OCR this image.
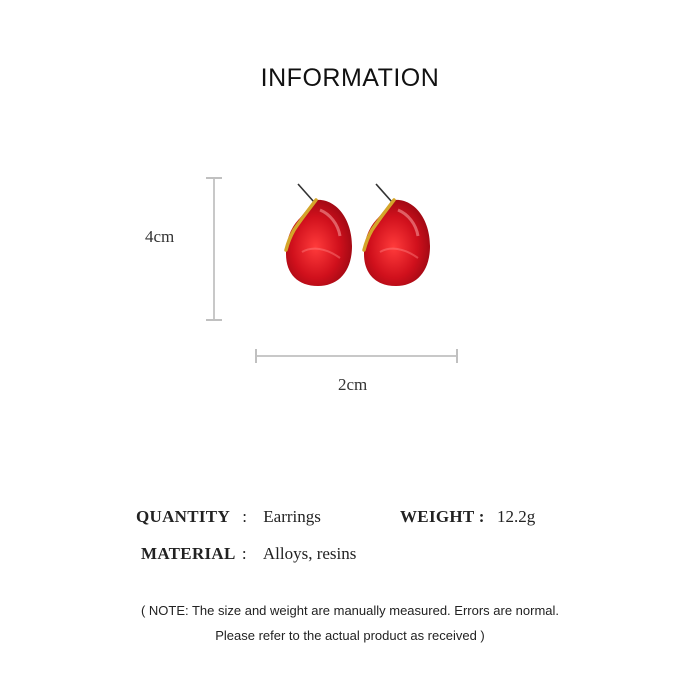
INFORMATION
4cm
2cm
QUANTITY : Earrings	WEIGHT : 12.2g
MATERIAL : Alloys, resins
( NOTE: The size and weight are manually measured. Errors are normal.
Please refer to the actual product as received )
